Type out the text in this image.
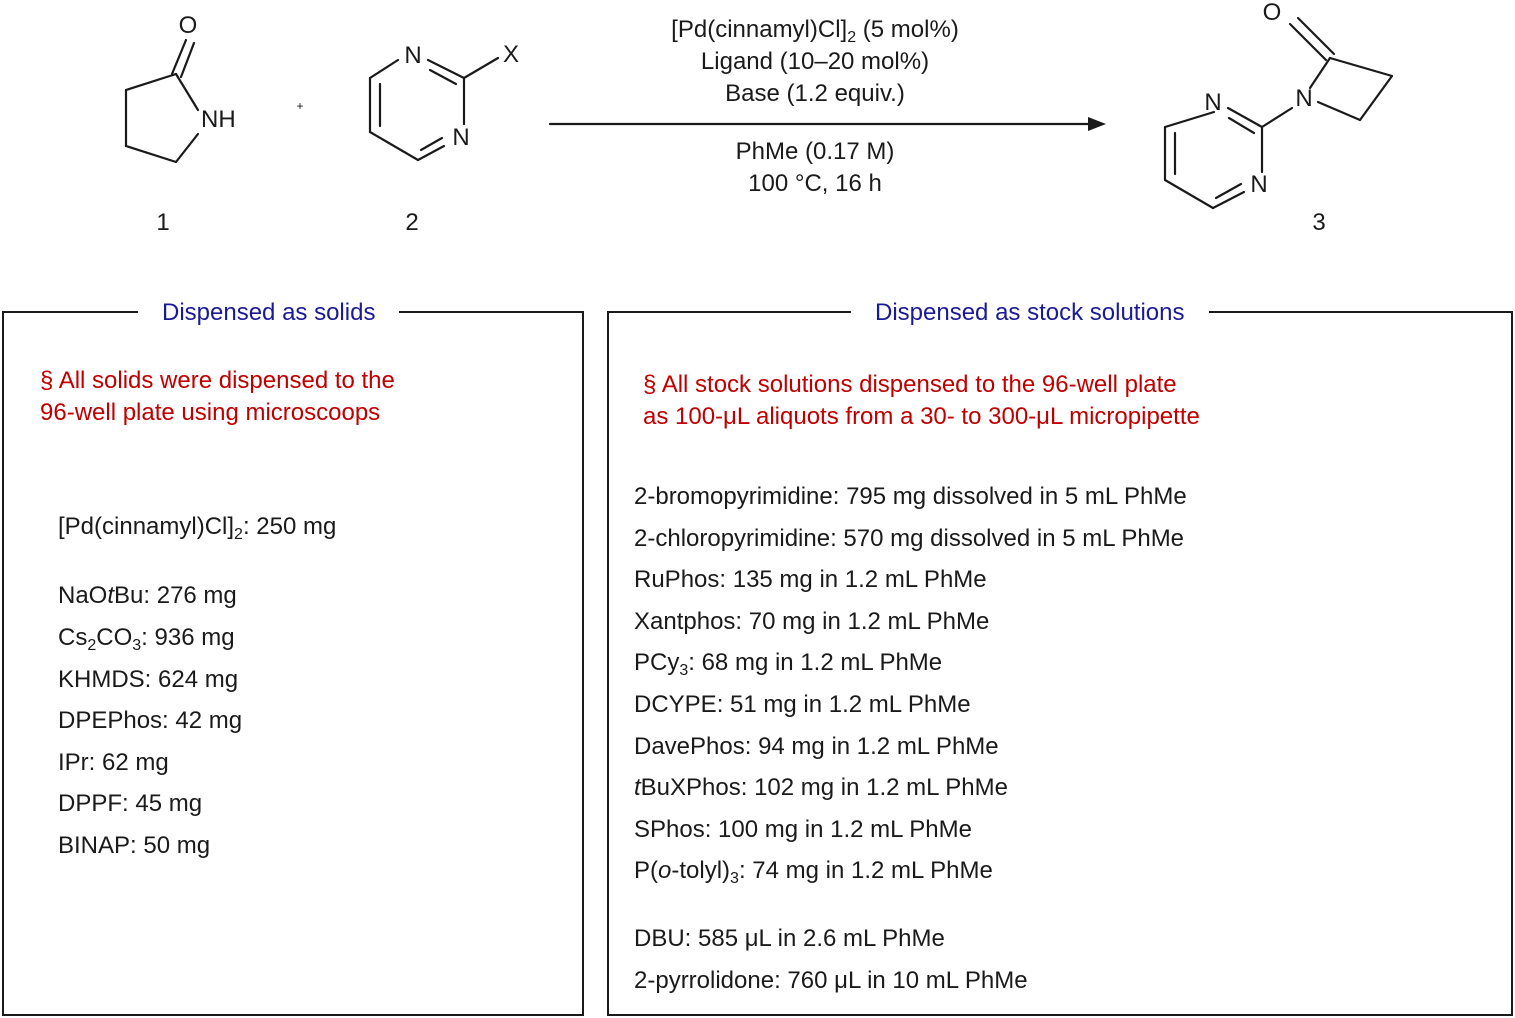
O
NH
1
+
N
N
X
2
O
N
N
N
3
$[Pd(cinnamyl)Cl]_2$ (5 mol%)
Ligand (10–20 mol%)
Base (1.2 equiv.)
PhMe (0.17 M)
100 °C, 16 h
Dispensed as solids
§ All solids were dispensed to the
96-well plate using microscoops
$[Pd(cinnamyl)Cl]_2$: 250 mg
NaOtBu: 276 mg
$Cs_2CO_3$: 936 mg
KHMDS: 624 mg
DPEPhos: 42 mg
IPr: 62 mg
DPPF: 45 mg
BINAP: 50 mg
Dispensed as stock solutions
§ All stock solutions dispensed to the 96-well plate
as 100-μL aliquots from a 30- to 300-μL micropipette
2-bromopyrimidine: 795 mg dissolved in 5 mL PhMe
2-chloropyrimidine: 570 mg dissolved in 5 mL PhMe
RuPhos: 135 mg in 1.2 mL PhMe
Xantphos: 70 mg in 1.2 mL PhMe
PCy$_3$: 68 mg in 1.2 mL PhMe
DCYPE: 51 mg in 1.2 mL PhMe
DavePhos: 94 mg in 1.2 mL PhMe
tBuXPhos: 102 mg in 1.2 mL PhMe
SPhos: 100 mg in 1.2 mL PhMe
$P(o-tolyl)_3$: 74 mg in 1.2 mL PhMe
DBU: 585 μL in 2.6 mL PhMe
2-pyrrolidone: 760 μL in 10 mL PhMe
